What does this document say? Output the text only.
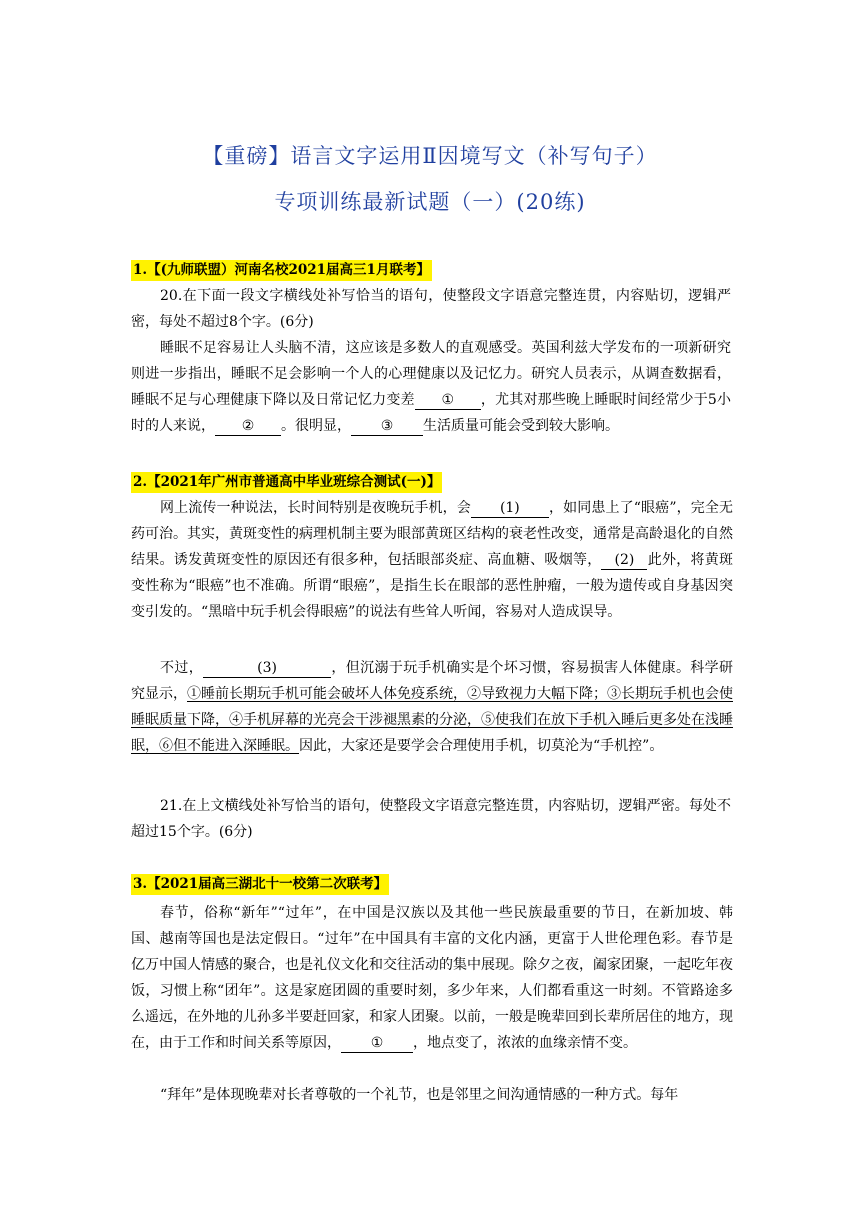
【重磅】语言文字运用Ⅱ因境写文（补写句子）
专项训练最新试题（一）(20练)
1.【(九师联盟）河南名校2021届高三1月联考】

20.在下面一段文字横线处补写恰当的语句，使整段文字语意完整连贯，内容贴切，逻辑严密，每处不超过8个字。(6分)

睡眠不足容易让人头脑不清，这应该是多数人的直观感受。英国利兹大学发布的一项新研究则进一步指出，睡眠不足会影响一个人的心理健康以及记忆力。研究人员表示，从调查数据看，睡眠不足与心理健康下降以及日常记忆力变差 ① ，尤其对那些晚上睡眠时间经常少于5小时的人来说， ② 。很明显， ③ 生活质量可能会受到较大影响。

2.【2021年广州市普通高中毕业班综合测试(一)】

网上流传一种说法，长时间特别是夜晚玩手机，会 (1) ，如同患上了“眼癌”，完全无药可治。其实，黄斑变性的病理机制主要为眼部黄斑区结构的衰老性改变，通常是高龄退化的自然结果。诱发黄斑变性的原因还有很多种，包括眼部炎症、高血糖、吸烟等， (2) 此外，将黄斑变性称为“眼癌”也不准确。所谓“眼癌”，是指生长在眼部的恶性肿瘤，一般为遗传或自身基因突变引发的。“黑暗中玩手机会得眼癌”的说法有些耸人听闻，容易对人造成误导。

不过，	(3)	，但沉溺于玩手机确实是个坏习惯，容易损害人体健康。科学研究显示，①睡前长期玩手机可能会破坏人体免疫系统，②导致视力大幅下降；③长期玩手机也会使睡眠质量下降，④手机屏幕的光亮会干涉褪黑素的分泌，⑤使我们在放下手机入睡后更多处在浅睡眠，⑥但不能进入深睡眠。因此，大家还是要学会合理使用手机，切莫沦为“手机控”。

21.在上文横线处补写恰当的语句，使整段文字语意完整连贯，内容贴切，逻辑严密。每处不超过15个字。(6分)

3.【2021届高三湖北十一校第二次联考】

春节，俗称“新年”“过年”，在中国是汉族以及其他一些民族最重要的节日，在新加坡、韩国、越南等国也是法定假日。“过年”在中国具有丰富的文化内涵，更富于人世伦理色彩。春节是亿万中国人情感的聚合，也是礼仪文化和交往活动的集中展现。除夕之夜，阖家团聚，一起吃年夜饭，习惯上称“团年”。这是家庭团圆的重要时刻，多少年来，人们都看重这一时刻。不管路途多么遥远，在外地的儿孙多半要赶回家，和家人团聚。以前，一般是晚辈回到长辈所居住的地方，现在，由于工作和时间关系等原因， ① ，地点变了，浓浓的血缘亲情不变。

“拜年”是体现晚辈对长者尊敬的一个礼节，也是邻里之间沟通情感的一种方式。每年
